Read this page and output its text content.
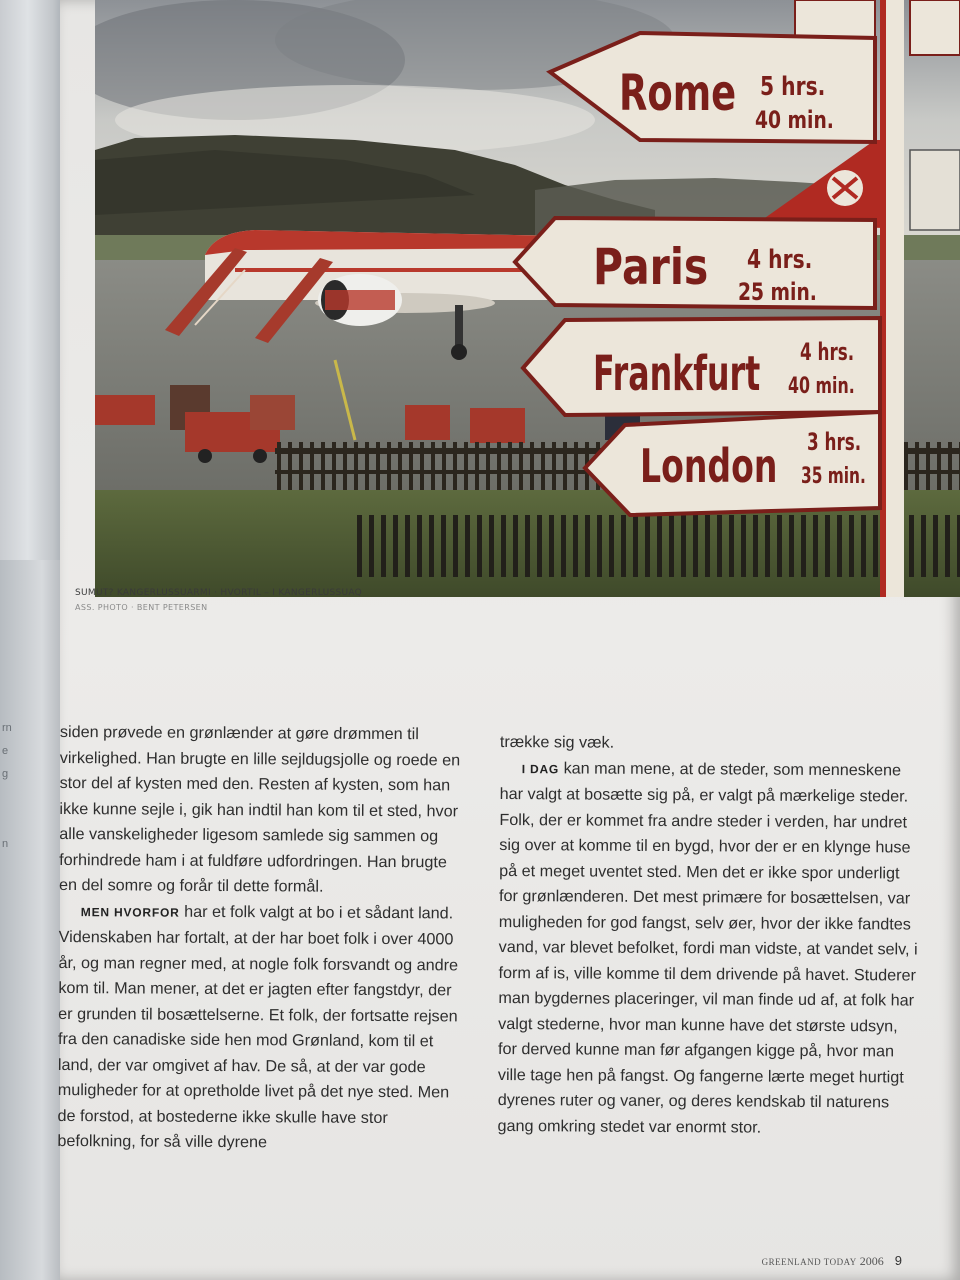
rn
e
g
n
Rome 5 hrs.
40 min.
Paris 4 hrs.
25 min.
Frankfurt 4 hrs.
40 min.
London 3 hrs.
35 min.
SUMUT? KANGERLUSSUARMI · HVORTIL – I KANGERLUSSUAQ
ASS. PHOTO · BENT PETERSEN

siden prøvede en grønlænder at gøre drømmen til virkelighed. Han brugte en lille sejldugsjolle og roede en stor del af kysten med den. Resten af kysten, som han ikke kunne sejle i, gik han indtil han kom til et sted, hvor alle vanskeligheder ligesom samlede sig sammen og forhindrede ham i at fuldføre udfordringen. Han brugte en del somre og forår til dette formål.

MEN HVORFOR har et folk valgt at bo i et sådant land. Videnskaben har fortalt, at der har boet folk i over 4000 år, og man regner med, at nogle folk forsvandt og andre kom til. Man mener, at det er jagten efter fangstdyr, der er grunden til bosættelserne. Et folk, der fortsatte rejsen fra den canadiske side hen mod Grønland, kom til et land, der var omgivet af hav. De så, at der var gode muligheder for at opretholde livet på det nye sted. Men de forstod, at bostederne ikke skulle have stor befolkning, for så ville dyrene

trække sig væk.

I DAG kan man mene, at de steder, som menneskene har valgt at bosætte sig på, er valgt på mærkelige steder. Folk, der er kommet fra andre steder i verden, har undret sig over at komme til en bygd, hvor der er en klynge huse på et meget uventet sted. Men det er ikke spor underligt for grønlænderen. Det mest primære for bosættelsen, var muligheden for god fangst, selv øer, hvor der ikke fandtes vand, var blevet befolket, fordi man vidste, at vandet selv, i form af is, ville komme til dem drivende på havet. Studerer man bygdernes placeringer, vil man finde ud af, at folk har valgt stederne, hvor man kunne have det største udsyn, for derved kunne man før afgangen kigge på, hvor man ville tage hen på fangst. Og fangerne lærte meget hurtigt dyrenes ruter og vaner, og deres kendskab til naturens gang omkring stedet var enormt stor.

GREENLAND TODAY 2006 9
